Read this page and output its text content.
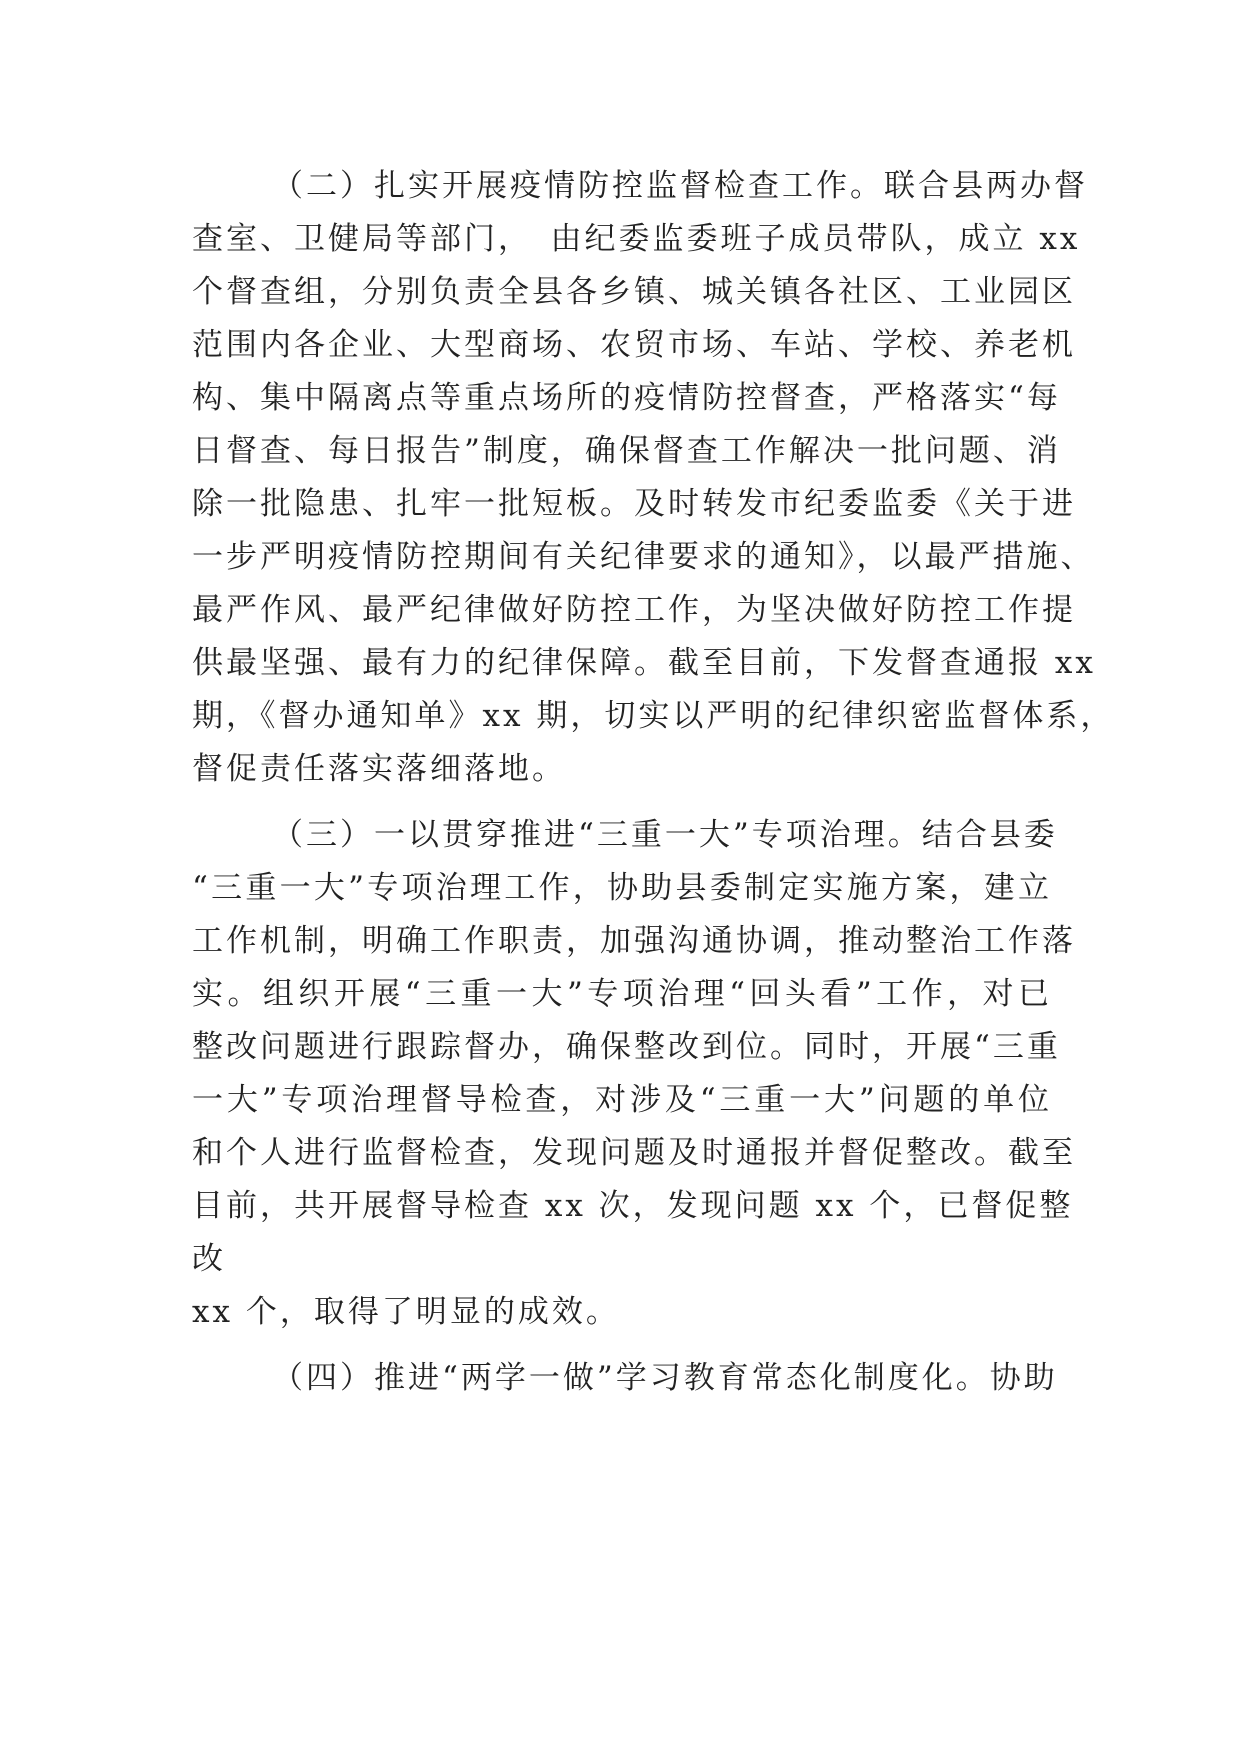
（二）扎实开展疫情防控监督检查工作。联合县两办督
查室、卫健局等部门，　由纪委监委班子成员带队，成立 xx
个督查组，分别负责全县各乡镇、城关镇各社区、工业园区
范围内各企业、大型商场、农贸市场、车站、学校、养老机
构、集中隔离点等重点场所的疫情防控督查，严格落实“每
日督查、每日报告”制度，确保督查工作解决一批问题、消
除一批隐患、扎牢一批短板。及时转发市纪委监委《关于进
一步严明疫情防控期间有关纪律要求的通知》，以最严措施、
最严作风、最严纪律做好防控工作，为坚决做好防控工作提
供最坚强、最有力的纪律保障。截至目前，下发督查通报 xx
期，《督办通知单》xx 期，切实以严明的纪律织密监督体系，
督促责任落实落细落地。
（三）一以贯穿推进“三重一大”专项治理。结合县委
“三重一大”专项治理工作，协助县委制定实施方案，建立
工作机制，明确工作职责，加强沟通协调，推动整治工作落
实。组织开展“三重一大”专项治理“回头看”工作，对已
整改问题进行跟踪督办，确保整改到位。同时，开展“三重
一大”专项治理督导检查，对涉及“三重一大”问题的单位
和个人进行监督检查，发现问题及时通报并督促整改。截至
目前，共开展督导检查 xx 次，发现问题 xx 个，已督促整
改
xx 个，取得了明显的成效。
（四）推进“两学一做”学习教育常态化制度化。协助
